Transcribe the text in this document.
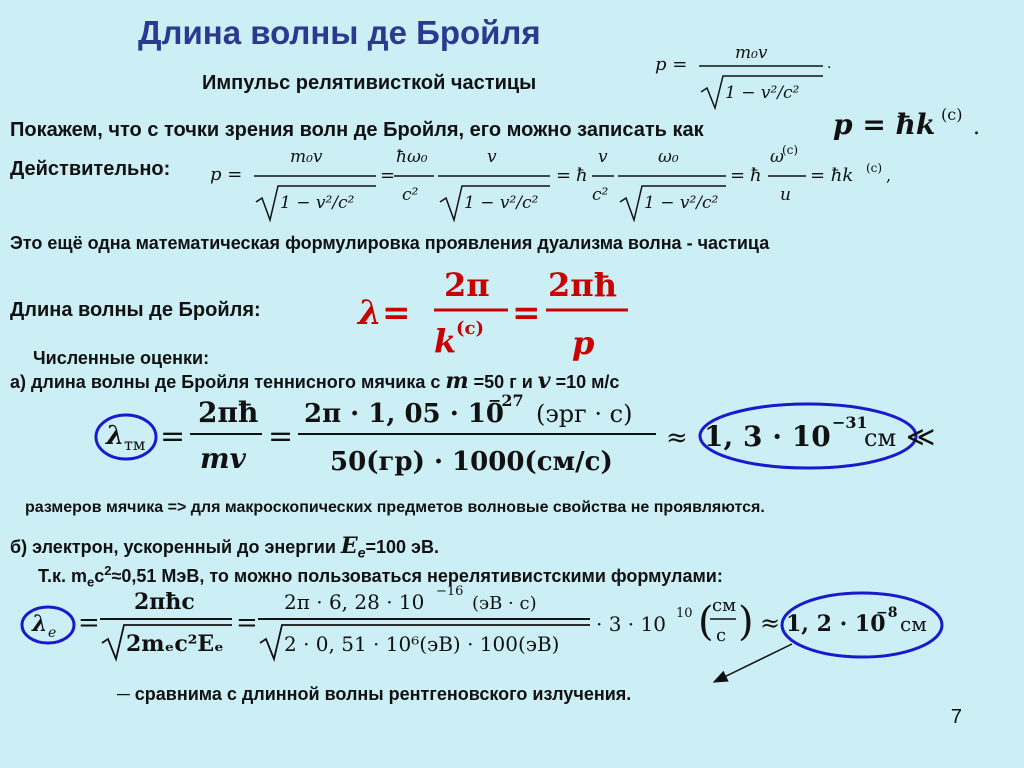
Длина волны де Бройля
Импульс релятивисткой частицы
p =
m₀v
1 − v²/c²
.
Покажем, что с точки зрения волн де Бройля, его можно записать как	p = ħk (c)
.
Действительно: p =
m₀v
1 − v²/c²
=
ħω₀
c²
v
1 − v²/c²
= ħ
v
c²
ω₀
1 − v²/c²
= ħ
ω
(c)
u
= ħk (c) ,
Это ещё одна математическая формулировка проявления дуализма волна - частица
Длина волны де Бройля:	λ =
2π
k (c) =
2πħ
p
Численные оценки:
а) длина волны де Бройля теннисного мячика с m =50 г и v =10 м/с
λ тм =
2πħ
mv
=
2π · 1, 05 · 10
−27 (эрг · с)
50(гр) · 1000(см/с)
≈ 1, 3 · 10 −31
см ≪
размеров мячика => для макроскопических предметов волновые свойства не проявляются.
б) электрон, ускоренный до энергии $E_e=100$ эВ.
Т.к. $m_ec^2\approx 0,51$ МэВ, то можно пользоваться нерелятивистскими формулами:
λ e =
2πħc
2mₑc²Eₑ
=
2π · 6, 28 · 10 −16
(эВ · с)
2 · 0, 51 · 10⁶(эВ) · 100(эВ)
· 3 · 10 10 (
см
с ) ≈ 1, 2 · 10
−8 см
─ сравнима с длинной волны рентгеновского излучения.
7
